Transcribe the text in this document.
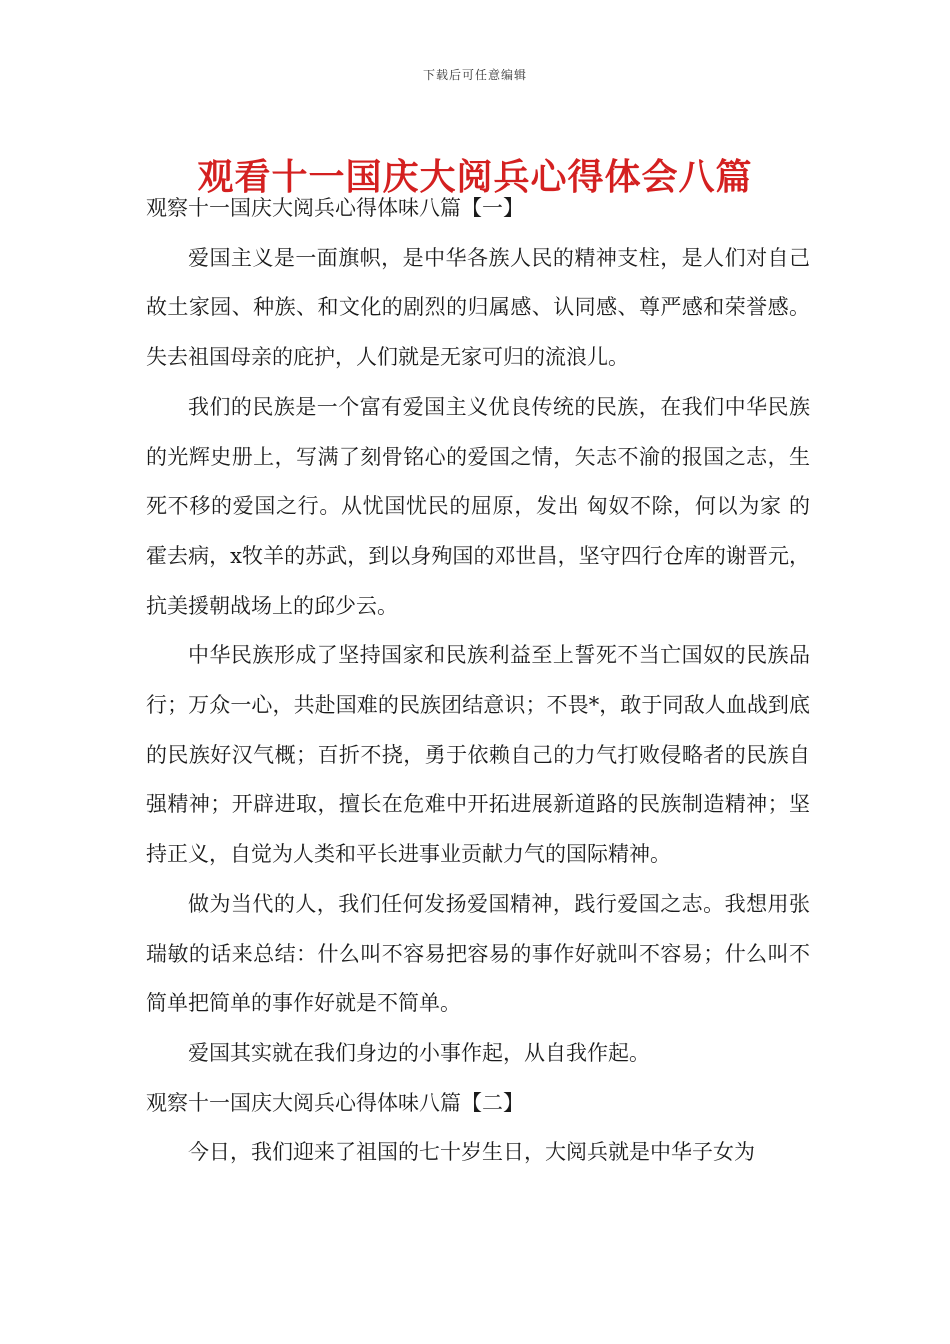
下载后可任意编辑
观看十一国庆大阅兵心得体会八篇

观察十一国庆大阅兵心得体味八篇【一】

爱国主义是一面旗帜，是中华各族人民的精神支柱，是人们对自己故土家园、种族、和文化的剧烈的归属感、认同感、尊严感和荣誉感。失去祖国母亲的庇护，人们就是无家可归的流浪儿。

我们的民族是一个富有爱国主义优良传统的民族，在我们中华民族的光辉史册上，写满了刻骨铭心的爱国之情，矢志不渝的报国之志，生死不移的爱国之行。从忧国忧民的屈原，发出 匈奴不除，何以为家 的霍去病，x牧羊的苏武，到以身殉国的邓世昌，坚守四行仓库的谢晋元，抗美援朝战场上的邱少云。

中华民族形成了坚持国家和民族利益至上誓死不当亡国奴的民族品行；万众一心，共赴国难的民族团结意识；不畏*，敢于同敌人血战到底的民族好汉气概；百折不挠，勇于依赖自己的力气打败侵略者的民族自强精神；开辟进取，擅长在危难中开拓进展新道路的民族制造精神；坚持正义，自觉为人类和平长进事业贡献力气的国际精神。

做为当代的人，我们任何发扬爱国精神，践行爱国之志。我想用张瑞敏的话来总结：什么叫不容易把容易的事作好就叫不容易；什么叫不简单把简单的事作好就是不简单。

爱国其实就在我们身边的小事作起，从自我作起。

观察十一国庆大阅兵心得体味八篇【二】

今日，我们迎来了祖国的七十岁生日，大阅兵就是中华子女为
